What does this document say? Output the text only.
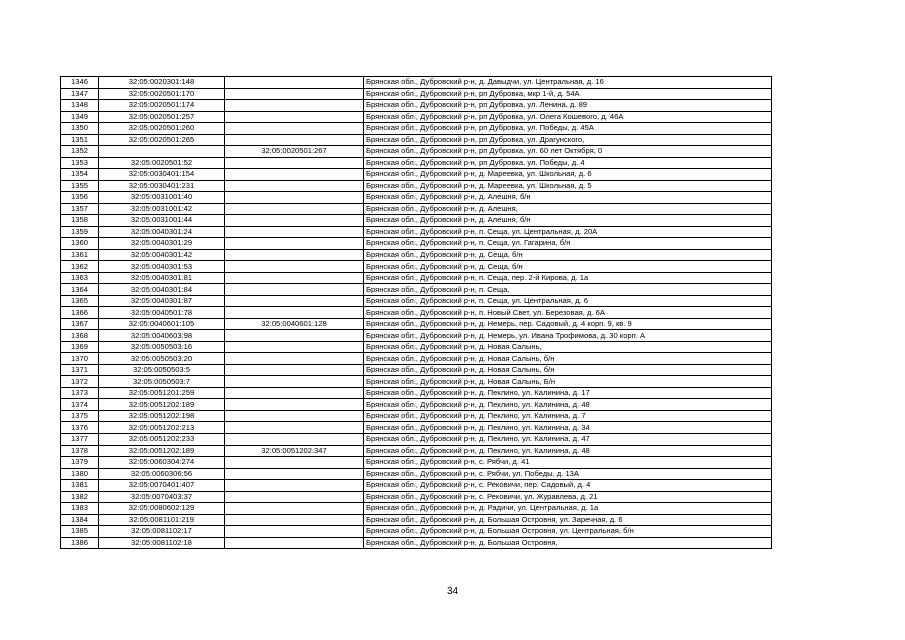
1346	32:05:0020301:148		Брянская обл., Дубровский р-н, д. Давыдчи, ул. Центральная, д. 16
1347	32:05:0020501:170		Брянская обл., Дубровский р-н, рп Дубровка, мкр 1-й, д. 54А
1348	32:05:0020501:174		Брянская обл., Дубровский р-н, рп Дубровка, ул. Ленина, д. 89
1349	32:05:0020501:257		Брянская обл., Дубровский р-н, рп Дубровка, ул. Олега Кошевого, д. 46А
1350	32:05:0020501:260		Брянская обл., Дубровский р-н, рп Дубровка, ул. Победы, д. 45А
1351	32:05:0020501:265		Брянская обл., Дубровский р-н, рп Дубровка, ул. Драгунского,
1352		32:05:0020501:267	Брянская обл., Дубровский р-н, рп Дубровка, ул. 60 лет Октября, 0
1353	32:05:0020501:52		Брянская обл., Дубровский р-н, рп Дубровка, ул. Победы, д. 4
1354	32:05:0030401:154		Брянская обл., Дубровский р-н, д. Мареевка, ул. Школьная, д. 6
1355	32:05:0030401:231		Брянская обл., Дубровский р-н, д. Мареевка, ул. Школьная, д. 5
1356	32:05:0031001:40		Брянская обл., Дубровский р-н, д. Алешня, б/н
1357	32:05:0031001:42		Брянская обл., Дубровский р-н, д. Алешня,
1358	32:05:0031001:44		Брянская обл., Дубровский р-н, д. Алешня, б/н
1359	32:05:0040301:24		Брянская обл., Дубровский р-н, п. Сеща, ул. Центральная, д. 20А
1360	32:05:0040301:29		Брянская обл., Дубровский р-н, п. Сеща, ул. Гагарина, б/н
1361	32:05:0040301:42		Брянская обл., Дубровский р-н, д. Сеща, б/н
1362	32:05:0040301:53		Брянская обл., Дубровский р-н, д. Сеща, б/н
1363	32:05:0040301:81		Брянская обл., Дубровский р-н, п. Сеща, пер. 2-й Кирова, д. 1а
1364	32:05:0040301:84		Брянская обл., Дубровский р-н, п. Сеща,
1365	32:05:0040301:87		Брянская обл., Дубровский р-н, п. Сеща, ул. Центральная, д. 6
1366	32:05:0040501:78		Брянская обл., Дубровский р-н, п. Новый Свет, ул. Березовая, д. 6А
1367	32:05:0040601:105	32:05:0040601:128	Брянская обл., Дубровский р-н, д. Немерь, пер. Садовый, д. 4 корп. 9, кв. 9
1368	32:05:0040603:98		Брянская обл., Дубровский р-н, д. Немерь, ул. Ивана Трофимова, д. 30 корп. А
1369	32:05:0050503:16		Брянская обл., Дубровский р-н, д. Новая Салынь,
1370	32:05:0050503:20		Брянская обл., Дубровский р-н, д. Новая Салынь, б/н
1371	32:05:0050503:5		Брянская обл., Дубровский р-н, д. Новая Салынь, б/н
1372	32:05:0050503:7		Брянская обл., Дубровский р-н, д. Новая Салынь, Б/н
1373	32:05:0051201:259		Брянская обл., Дубровский р-н, д. Пеклино, ул. Калинина, д. 17
1374	32:05:0051202:189		Брянская обл., Дубровский р-н, д. Пеклино, ул. Калинина, д. 48
1375	32:05:0051202:198		Брянская обл., Дубровский р-н, д. Пеклино, ул. Калинина, д. 7
1376	32:05:0051202:213		Брянская обл., Дубровский р-н, д. Пеклино, ул. Калинина, д. 34
1377	32:05:0051202:233		Брянская обл., Дубровский р-н, д. Пеклино, ул. Калинина, д. 47
1378	32:05:0051202:189	32:05:0051202:347	Брянская обл., Дубровский р-н, д. Пеклино, ул. Калинина, д. 48
1379	32:05:0060304:274		Брянская обл., Дубровский р-н, с. Рябчи, д. 41
1380	32:05:0060306:56		Брянская обл., Дубровский р-н, с. Рябчи, ул. Победы, д. 13А
1381	32:05:0070401:407		Брянская обл., Дубровский р-н, с. Рековичи, пер. Садовый, д. 4
1382	32:05:0070403:37		Брянская обл., Дубровский р-н, с. Рековичи, ул. Журавлева, д. 21
1383	32:05:0080602:129		Брянская обл., Дубровский р-н, д. Радичи, ул. Центральная, д. 1а
1384	32:05:0081101:219		Брянская обл., Дубровский р-н, д. Большая Островня, ул. Заречная, д. 6
1385	32:05:0081102:17		Брянская обл., Дубровский р-н, д. Большая Островня, ул. Центральная, б/н
1386	32:05:0081102:18		Брянская обл., Дубровский р-н, д. Большая Островня,
34
